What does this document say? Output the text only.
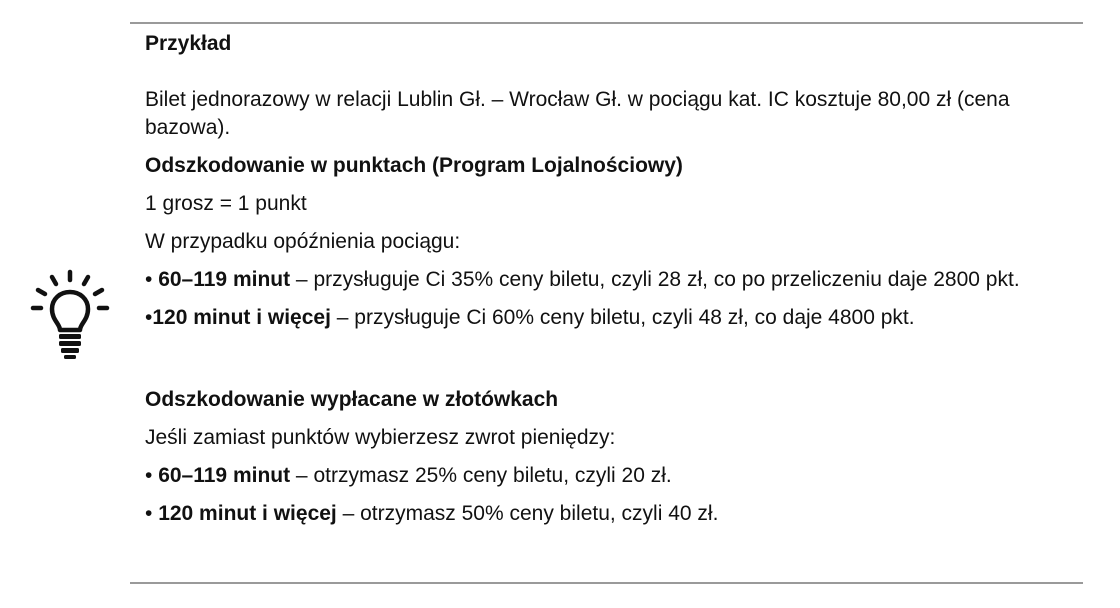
Przykład

Bilet jednorazowy w relacji Lublin Gł. – Wrocław Gł. w pociągu kat. IC kosztuje 80,00 zł (cena bazowa).

Odszkodowanie w punktach (Program Lojalnościowy)

1 grosz = 1 punkt

W przypadku opóźnienia pociągu:

• 60–119 minut – przysługuje Ci 35% ceny biletu, czyli 28 zł, co po przeliczeniu daje 2800 pkt.

•120 minut i więcej – przysługuje Ci 60% ceny biletu, czyli 48 zł, co daje 4800 pkt.

Odszkodowanie wypłacane w złotówkach

Jeśli zamiast punktów wybierzesz zwrot pieniędzy:

• 60–119 minut – otrzymasz 25% ceny biletu, czyli 20 zł.

• 120 minut i więcej – otrzymasz 50% ceny biletu, czyli 40 zł.
